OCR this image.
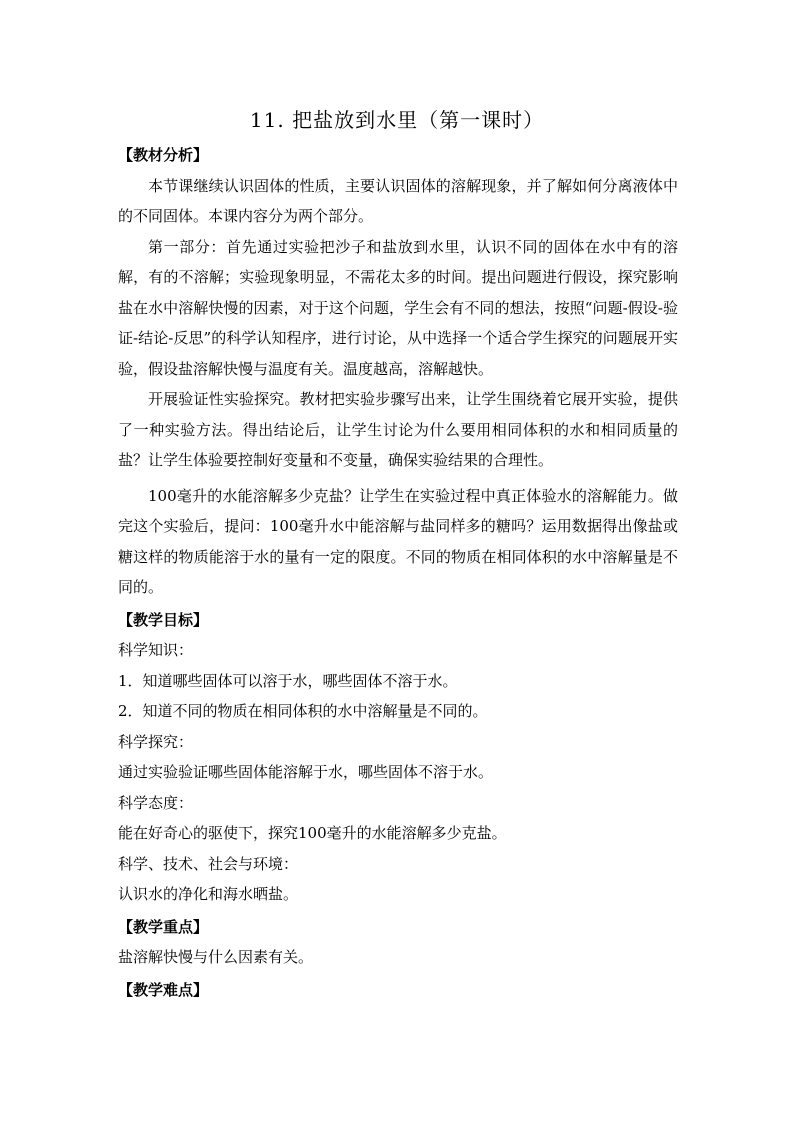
11. 把盐放到水里（第一课时）

【教材分析】

本节课继续认识固体的性质，主要认识固体的溶解现象，并了解如何分离液体中的不同固体。本课内容分为两个部分。

第一部分：首先通过实验把沙子和盐放到水里，认识不同的固体在水中有的溶解，有的不溶解；实验现象明显，不需花太多的时间。提出问题进行假设，探究影响盐在水中溶解快慢的因素，对于这个问题，学生会有不同的想法，按照“问题-假设-验证-结论-反思”的科学认知程序，进行讨论，从中选择一个适合学生探究的问题展开实验，假设盐溶解快慢与温度有关。温度越高，溶解越快。

开展验证性实验探究。教材把实验步骤写出来，让学生围绕着它展开实验，提供了一种实验方法。得出结论后，让学生讨论为什么要用相同体积的水和相同质量的盐？让学生体验要控制好变量和不变量，确保实验结果的合理性。

100毫升的水能溶解多少克盐？让学生在实验过程中真正体验水的溶解能力。做完这个实验后，提问：100毫升水中能溶解与盐同样多的糖吗？运用数据得出像盐或糖这样的物质能溶于水的量有一定的限度。不同的物质在相同体积的水中溶解量是不同的。

【教学目标】

科学知识：

1．知道哪些固体可以溶于水，哪些固体不溶于水。

2．知道不同的物质在相同体积的水中溶解量是不同的。

科学探究：

通过实验验证哪些固体能溶解于水，哪些固体不溶于水。

科学态度：

能在好奇心的驱使下，探究100毫升的水能溶解多少克盐。

科学、技术、社会与环境：

认识水的净化和海水晒盐。

【教学重点】

盐溶解快慢与什么因素有关。

【教学难点】
